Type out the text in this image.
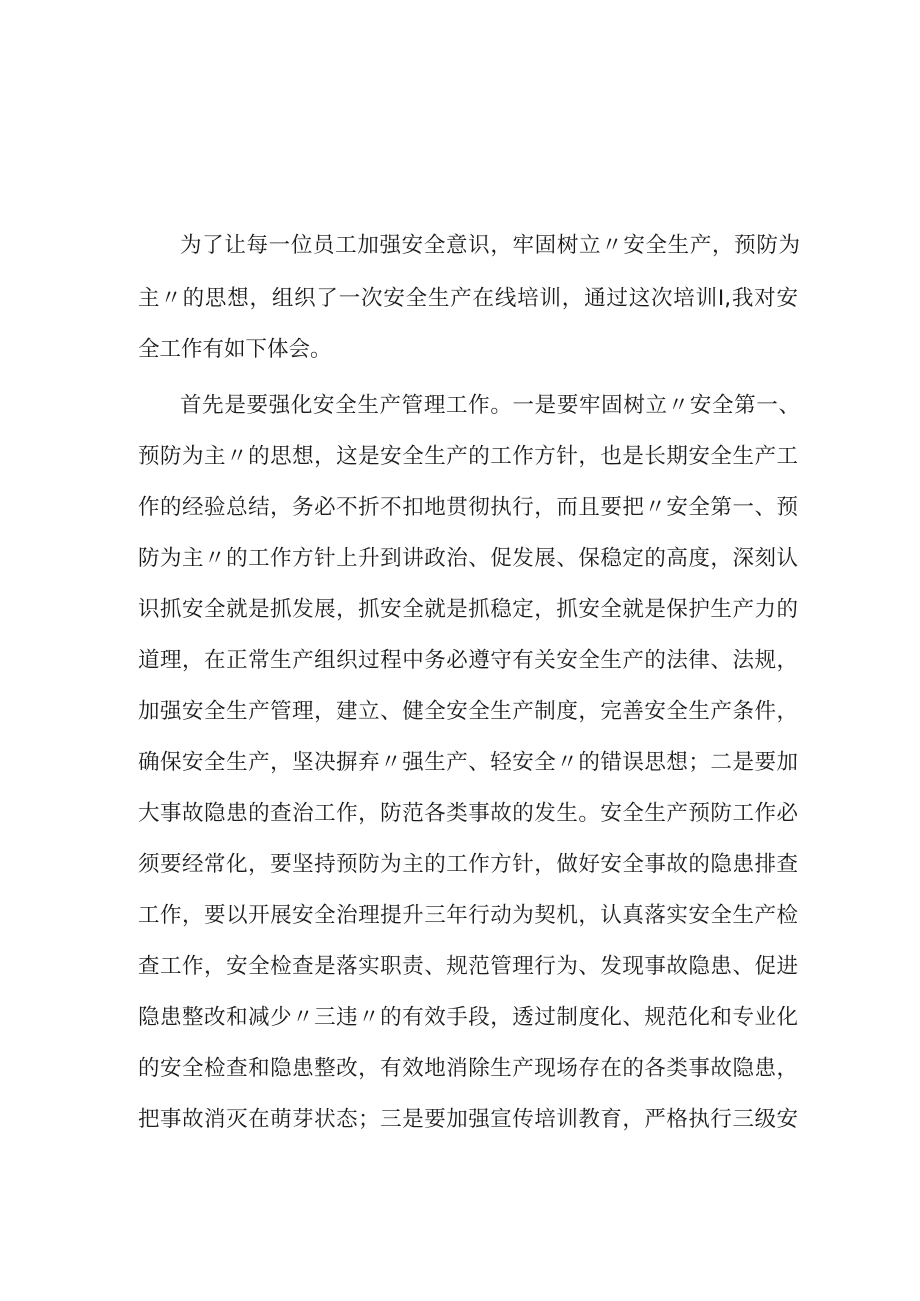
为了让每一位员工加强安全意识，牢固树立〃安全生产，预防为
主〃的思想，组织了一次安全生产在线培训，通过这次培训I,我对安
全工作有如下体会。
首先是要强化安全生产管理工作。一是要牢固树立〃安全第一、
预防为主〃的思想，这是安全生产的工作方针，也是长期安全生产工
作的经验总结，务必不折不扣地贯彻执行，而且要把〃安全第一、预
防为主〃的工作方针上升到讲政治、促发展、保稳定的高度，深刻认
识抓安全就是抓发展，抓安全就是抓稳定，抓安全就是保护生产力的
道理，在正常生产组织过程中务必遵守有关安全生产的法律、法规，
加强安全生产管理，建立、健全安全生产制度，完善安全生产条件，
确保安全生产，坚决摒弃〃强生产、轻安全〃的错误思想；二是要加
大事故隐患的查治工作，防范各类事故的发生。安全生产预防工作必
须要经常化，要坚持预防为主的工作方针，做好安全事故的隐患排查
工作，要以开展安全治理提升三年行动为契机，认真落实安全生产检
查工作，安全检查是落实职责、规范管理行为、发现事故隐患、促进
隐患整改和减少〃三违〃的有效手段，透过制度化、规范化和专业化
的安全检查和隐患整改，有效地消除生产现场存在的各类事故隐患，
把事故消灭在萌芽状态；三是要加强宣传培训教育，严格执行三级安
